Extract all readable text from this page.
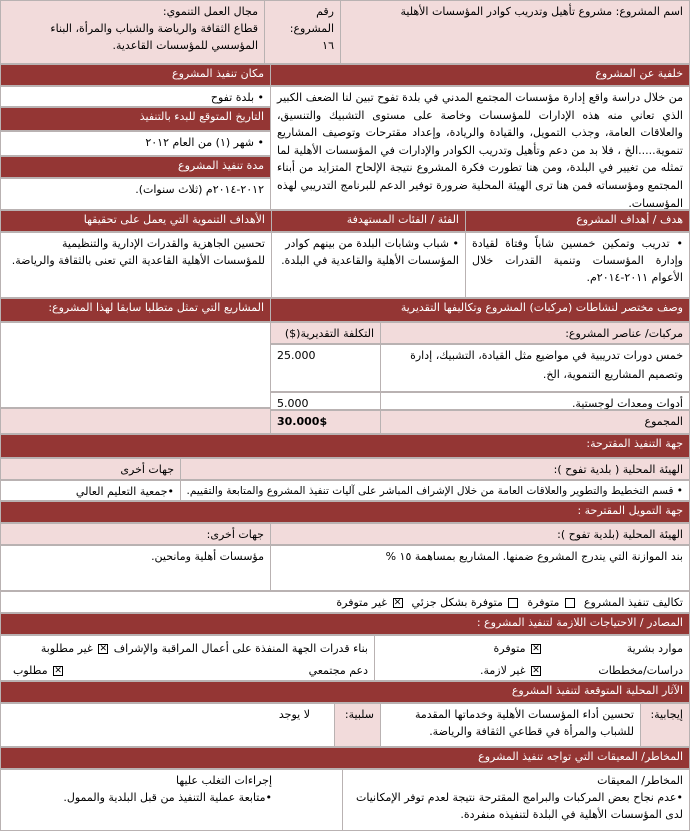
اسم المشروع: مشروع تأهيل وتدريب كوادر المؤسسات الأهلية
رقم المشروع:
١٦
مجال العمل التنموي:
قطاع الثقافة والرياضة والشباب والمرأة، البناء المؤسسي للمؤسسات القاعدية.
خلفية عن المشروع
من خلال دراسة واقع إدارة مؤسسات المجتمع المدني في بلدة تفوح تبين لنا الضعف الكبير الذي تعاني منه هذه الإدارات للمؤسسات وخاصة على مستوى التشبيك والتنسيق، والعلاقات العامة، وجذب التمويل، والقيادة والريادة، وإعداد مقترحات وتوصيف المشاريع تنموية.....الخ ، فلا بد من دعم وتأهيل وتدريب الكوادر والإدارات في المؤسسات الأهلية لما تمثله من تغيير في البلدة، ومن هنا تطورت فكرة المشروع نتيجة الإلحاح المتزايد من أبناء المجتمع ومؤسساته فمن هنا ترى الهيئة المحلية ضرورة توفير الدعم للبرنامج التدريبي لهذه المؤسسات.
مكان تنفيذ المشروع
• بلدة تفوح
التاريخ المتوقع للبدء بالتنفيذ
• شهر (١) من العام ٢٠١٢
مدة تنفيذ المشروع
٢٠١٢-٢٠١٤م (ثلاث سنوات).
هدف / أهداف المشروع
الفئة / الفئات المستهدفة
الأهداف التنموية التي يعمل على تحقيقها
• تدريب وتمكين خمسين شاباً وفتاة لقيادة وإدارة المؤسسات وتنمية القدرات خلال الأعوام ٢٠١١-٢٠١٤م.
• شباب وشابات البلدة من بينهم كوادر المؤسسات الأهلية والقاعدية في البلدة.
تحسين الجاهزية والقدرات الإدارية والتنظيمية للمؤسسات الأهلية القاعدية التي تعنى بالثقافة والرياضة.
وصف مختصر لنشاطات (مركبات) المشروع وتكاليفها التقديرية
المشاريع التي تمثل متطلبا سابقا لهذا المشروع:
مركبات/ عناصر المشروع:
التكلفة التقديرية($)
خمس دورات تدريبية في مواضيع مثل القيادة، التشبيك، إدارة وتصميم المشاريع التنموية، الخ.
25.000
أدوات ومعدات لوجستية.
5.000
المجموع
30.000$
جهة التنفيذ المقترحة:
الهيئة المحلية ( بلدية تفوح ):
جهات أخرى
• قسم التخطيط والتطوير والعلاقات العامة من خلال الإشراف المباشر على آليات تنفيذ المشروع والمتابعة والتقييم.
•جمعية التعليم العالي
جهة التمويل المقترحة :
الهيئة المحلية (بلدية تفوح ):
جهات أخرى:
بند الموازنة التي يندرج المشروع ضمنها. المشاريع بمساهمة ١٥ %
مؤسسات أهلية ومانحين.
تكاليف تنفيذ المشروع   متوفرة   متوفرة بشكل جزئي  ✕ غير متوفرة
المصادر / الاحتياجات اللازمة لتنفيذ المشروع :
موارد بشرية
✕ متوفرة
دراسات/مخططات
✕ غير لازمة.
بناء قدرات الجهة المنفذة على أعمال المراقبة والإشراف ✕ غير مطلوبة
دعم مجتمعي
✕ مطلوب
الآثار المحلية المتوقعة لتنفيذ المشروع
إيجابية:
تحسين أداء المؤسسات الأهلية وخدماتها المقدمة للشباب والمرأة في قطاعي الثقافة والرياضة.
سلبية:
لا يوجد
المخاطر/ المعيقات التي تواجه تنفيذ المشروع
المخاطر/ المعيقات
•عدم نجاح بعض المركبات والبرامج المقترحة نتيجة لعدم توفر الإمكانيات لدى المؤسسات الأهلية في البلدة لتنفيذه منفردة.
إجراءات التغلب عليها
•متابعة عملية التنفيذ من قبل البلدية والممول.
